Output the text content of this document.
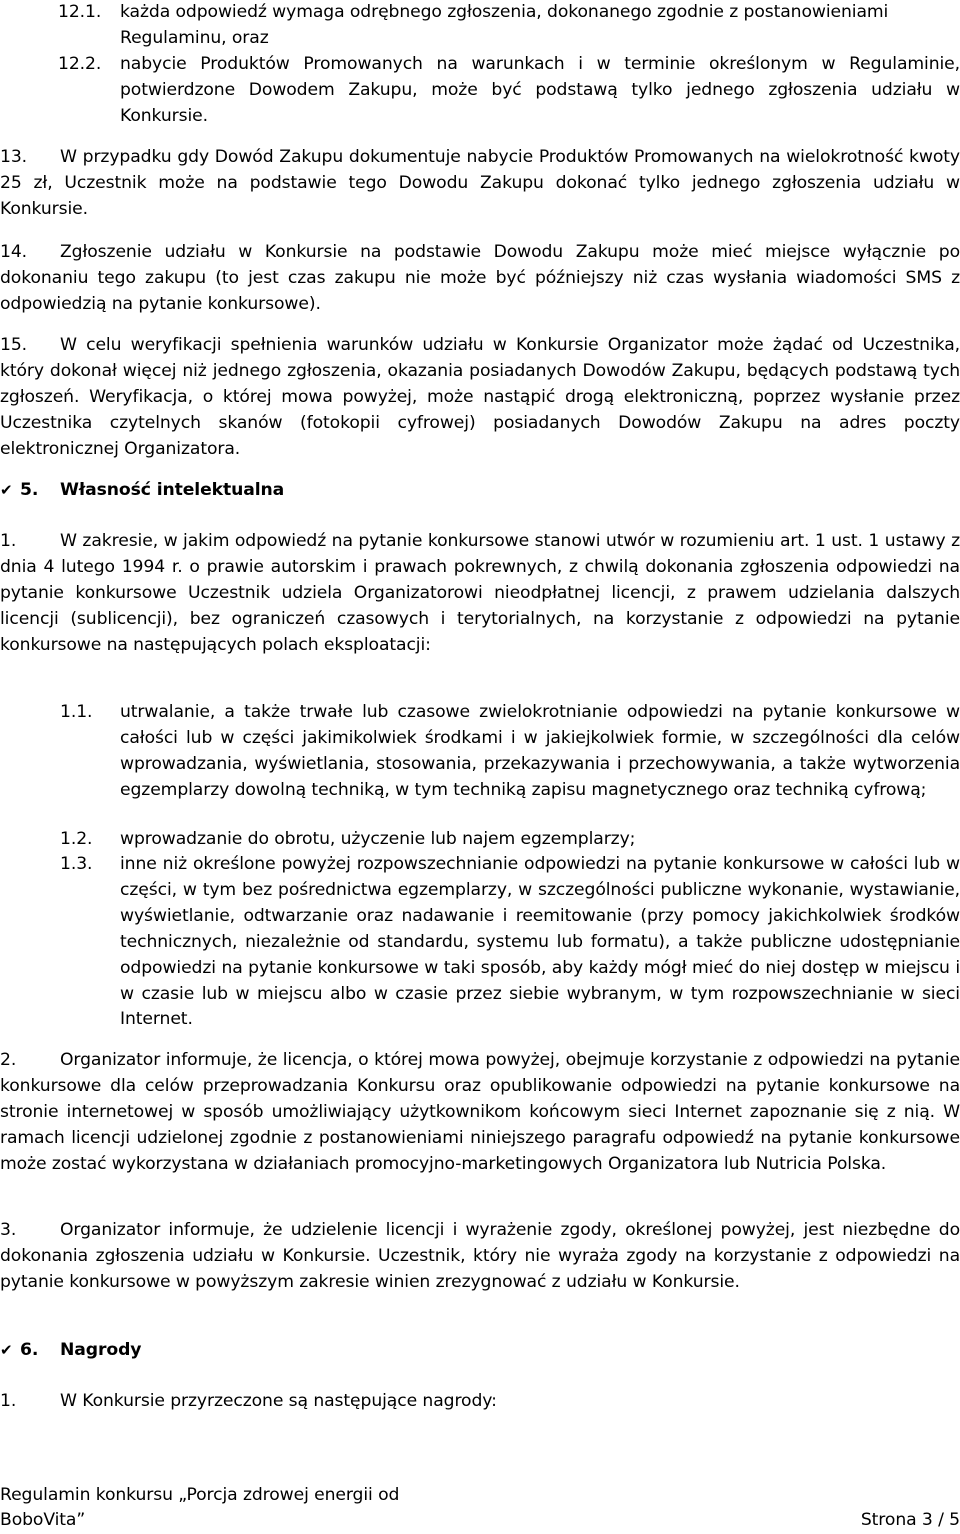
12.1. każda odpowiedź wymaga odrębnego zgłoszenia, dokonanego zgodnie z postanowieniami Regulaminu, oraz

12.2. nabycie Produktów Promowanych na warunkach i w terminie określonym w Regulaminie, potwierdzone Dowodem Zakupu, może być podstawą tylko jednego zgłoszenia udziału w Konkursie.

13.	W przypadku gdy Dowód Zakupu dokumentuje nabycie Produktów Promowanych na wielokrotność kwoty 25 zł, Uczestnik może na podstawie tego Dowodu Zakupu dokonać tylko jednego zgłoszenia udziału w Konkursie.

14.	Zgłoszenie udziału w Konkursie na podstawie Dowodu Zakupu może mieć miejsce wyłącznie po dokonaniu tego zakupu (to jest czas zakupu nie może być późniejszy niż czas wysłania wiadomości SMS z odpowiedzią na pytanie konkursowe).

15.	W celu weryfikacji spełnienia warunków udziału w Konkursie Organizator może żądać od Uczestnika, który dokonał więcej niż jednego zgłoszenia, okazania posiadanych Dowodów Zakupu, będących podstawą tych zgłoszeń. Weryfikacja, o której mowa powyżej, może nastąpić drogą elektroniczną, poprzez wysłanie przez Uczestnika czytelnych skanów (fotokopii cyfrowej) posiadanych Dowodów Zakupu na adres poczty elektronicznej Organizatora.

✔ 5. Własność intelektualna
1.	W zakresie, w jakim odpowiedź na pytanie konkursowe stanowi utwór w rozumieniu art. 1 ust. 1 ustawy z dnia 4 lutego 1994 r. o prawie autorskim i prawach pokrewnych, z chwilą dokonania zgłoszenia odpowiedzi na pytanie konkursowe Uczestnik udziela Organizatorowi nieodpłatnej licencji, z prawem udzielania dalszych licencji (sublicencji), bez ograniczeń czasowych i terytorialnych, na korzystanie z odpowiedzi na pytanie konkursowe na następujących polach eksploatacji:

1.1. utrwalanie, a także trwałe lub czasowe zwielokrotnianie odpowiedzi na pytanie konkursowe w całości lub w części jakimikolwiek środkami i w jakiejkolwiek formie, w szczególności dla celów wprowadzania, wyświetlania, stosowania, przekazywania i przechowywania, a także wytworzenia egzemplarzy dowolną techniką, w tym techniką zapisu magnetycznego oraz techniką cyfrową;

1.2. wprowadzanie do obrotu, użyczenie lub najem egzemplarzy;

1.3. inne niż określone powyżej rozpowszechnianie odpowiedzi na pytanie konkursowe w całości lub w części, w tym bez pośrednictwa egzemplarzy, w szczególności publiczne wykonanie, wystawianie, wyświetlanie, odtwarzanie oraz nadawanie i reemitowanie (przy pomocy jakichkolwiek środków technicznych, niezależnie od standardu, systemu lub formatu), a także publiczne udostępnianie odpowiedzi na pytanie konkursowe w taki sposób, aby każdy mógł mieć do niej dostęp w miejscu i w czasie lub w miejscu albo w czasie przez siebie wybranym, w tym rozpowszechnianie w sieci Internet.

2.	Organizator informuje, że licencja, o której mowa powyżej, obejmuje korzystanie z odpowiedzi na pytanie konkursowe dla celów przeprowadzania Konkursu oraz opublikowanie odpowiedzi na pytanie konkursowe na stronie internetowej w sposób umożliwiający użytkownikom końcowym sieci Internet zapoznanie się z nią. W ramach licencji udzielonej zgodnie z postanowieniami niniejszego paragrafu odpowiedź na pytanie konkursowe może zostać wykorzystana w działaniach promocyjno-marketingowych Organizatora lub Nutricia Polska.

3.	Organizator informuje, że udzielenie licencji i wyrażenie zgody, określonej powyżej, jest niezbędne do dokonania zgłoszenia udziału w Konkursie. Uczestnik, który nie wyraża zgody na korzystanie z odpowiedzi na pytanie konkursowe w powyższym zakresie winien zrezygnować z udziału w Konkursie.

✔ 6. Nagrody
1.	W Konkursie przyrzeczone są następujące nagrody:

Regulamin konkursu „Porcja zdrowej energii od
BoboVita”	Strona 3 / 5
